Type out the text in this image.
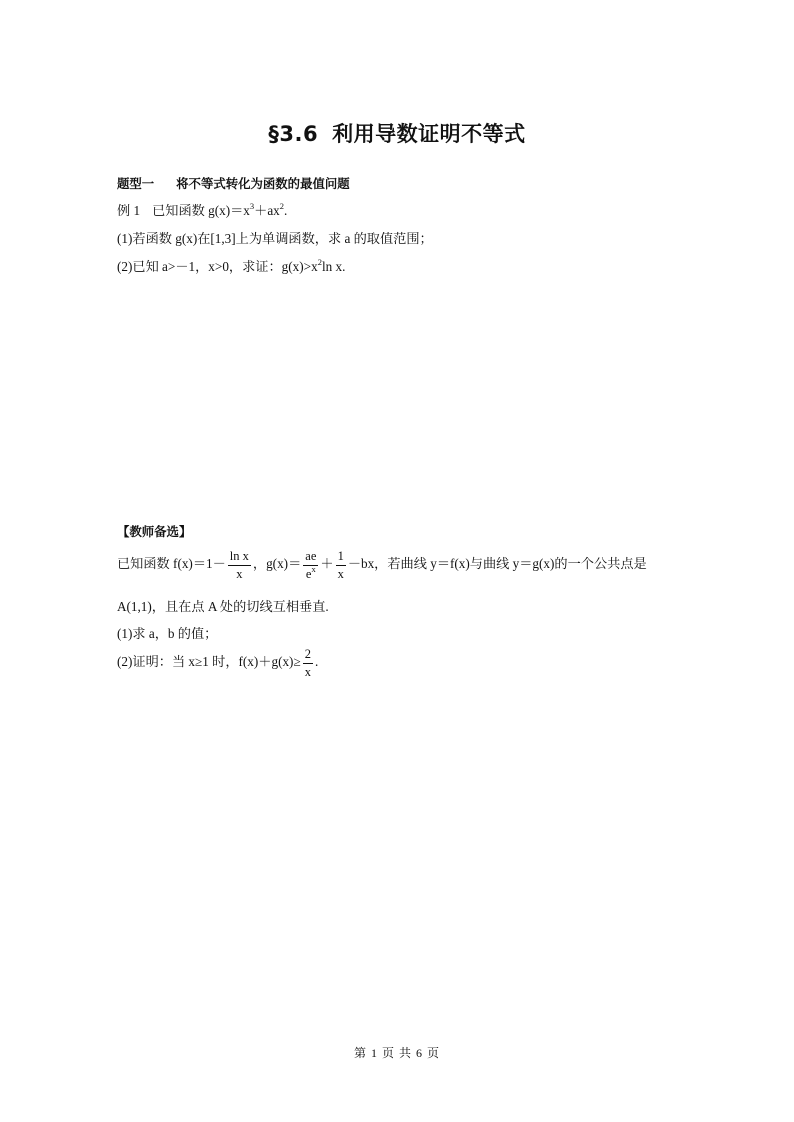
§3.6 利用导数证明不等式
题型一 将不等式转化为函数的最值问题
例 1 已知函数 $g(x)=x^3+ax^2$.
(1)若函数 g(x)在[1,3]上为单调函数，求 a 的取值范围；
(2)已知 a>－1，x>0，求证：$g(x)>x^2\ln$ x.
【教师备选】
已知函数 $f(x)=1- \frac{\text{ln x}}{x}$ ，$g(x)= \frac{ae}{e^x} + \frac{1}{x} -bx$，若曲线 y＝f(x)与曲线 y＝g(x)的一个公共点是
A(1,1)，且在点 A 处的切线互相垂直.
(1)求 a，b 的值；
(2)证明：当 x≥1 时，$f(x)+g(x)\ge \frac{2}{x}$ .
第 1 页 共 6 页
